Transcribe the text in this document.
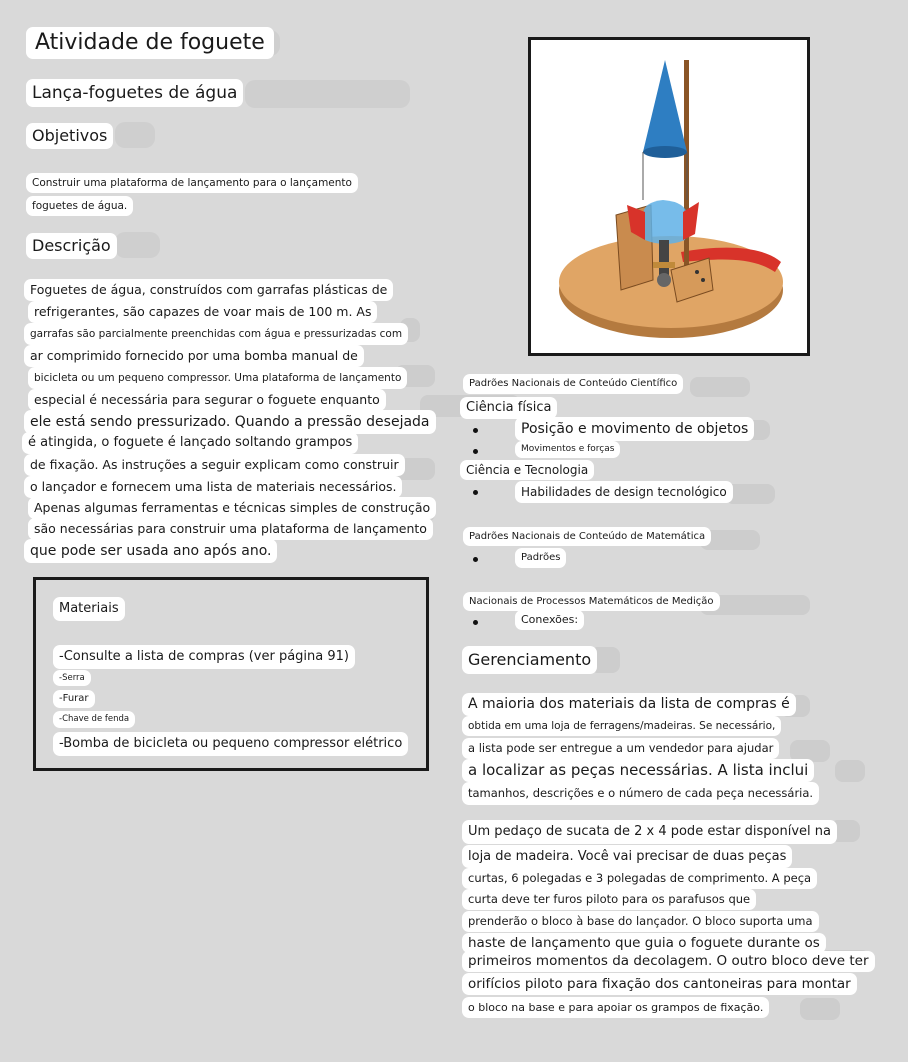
Atividade de foguete
Lança-foguetes de água
Objetivos
Construir uma plataforma de lançamento para o lançamento
foguetes de água.
Descrição
Foguetes de água, construídos com garrafas plásticas de
refrigerantes, são capazes de voar mais de 100 m. As
garrafas são parcialmente preenchidas com água e pressurizadas com
ar comprimido fornecido por uma bomba manual de
bicicleta ou um pequeno compressor. Uma plataforma de lançamento
especial é necessária para segurar o foguete enquanto
ele está sendo pressurizado. Quando a pressão desejada
é atingida, o foguete é lançado soltando grampos
de fixação. As instruções a seguir explicam como construir
o lançador e fornecem uma lista de materiais necessários.
Apenas algumas ferramentas e técnicas simples de construção
são necessárias para construir uma plataforma de lançamento
que pode ser usada ano após ano.
Materiais
-Consulte a lista de compras (ver página 91)
-Serra
-Furar
-Chave de fenda
-Bomba de bicicleta ou pequeno compressor elétrico
Padrões Nacionais de Conteúdo Científico
Ciência física
Posição e movimento de objetos
Movimentos e forças
Ciência e Tecnologia
Habilidades de design tecnológico
Padrões Nacionais de Conteúdo de Matemática
Padrões
Nacionais de Processos Matemáticos de Medição
Conexões:
Gerenciamento
A maioria dos materiais da lista de compras é
obtida em uma loja de ferragens/madeiras. Se necessário,
a lista pode ser entregue a um vendedor para ajudar
a localizar as peças necessárias. A lista inclui
tamanhos, descrições e o número de cada peça necessária.
Um pedaço de sucata de 2 x 4 pode estar disponível na
loja de madeira. Você vai precisar de duas peças
curtas, 6 polegadas e 3 polegadas de comprimento. A peça
curta deve ter furos piloto para os parafusos que
prenderão o bloco à base do lançador. O bloco suporta uma
haste de lançamento que guia o foguete durante os
primeiros momentos da decolagem. O outro bloco deve ter
orifícios piloto para fixação dos cantoneiras para montar
o bloco na base e para apoiar os grampos de fixação.
